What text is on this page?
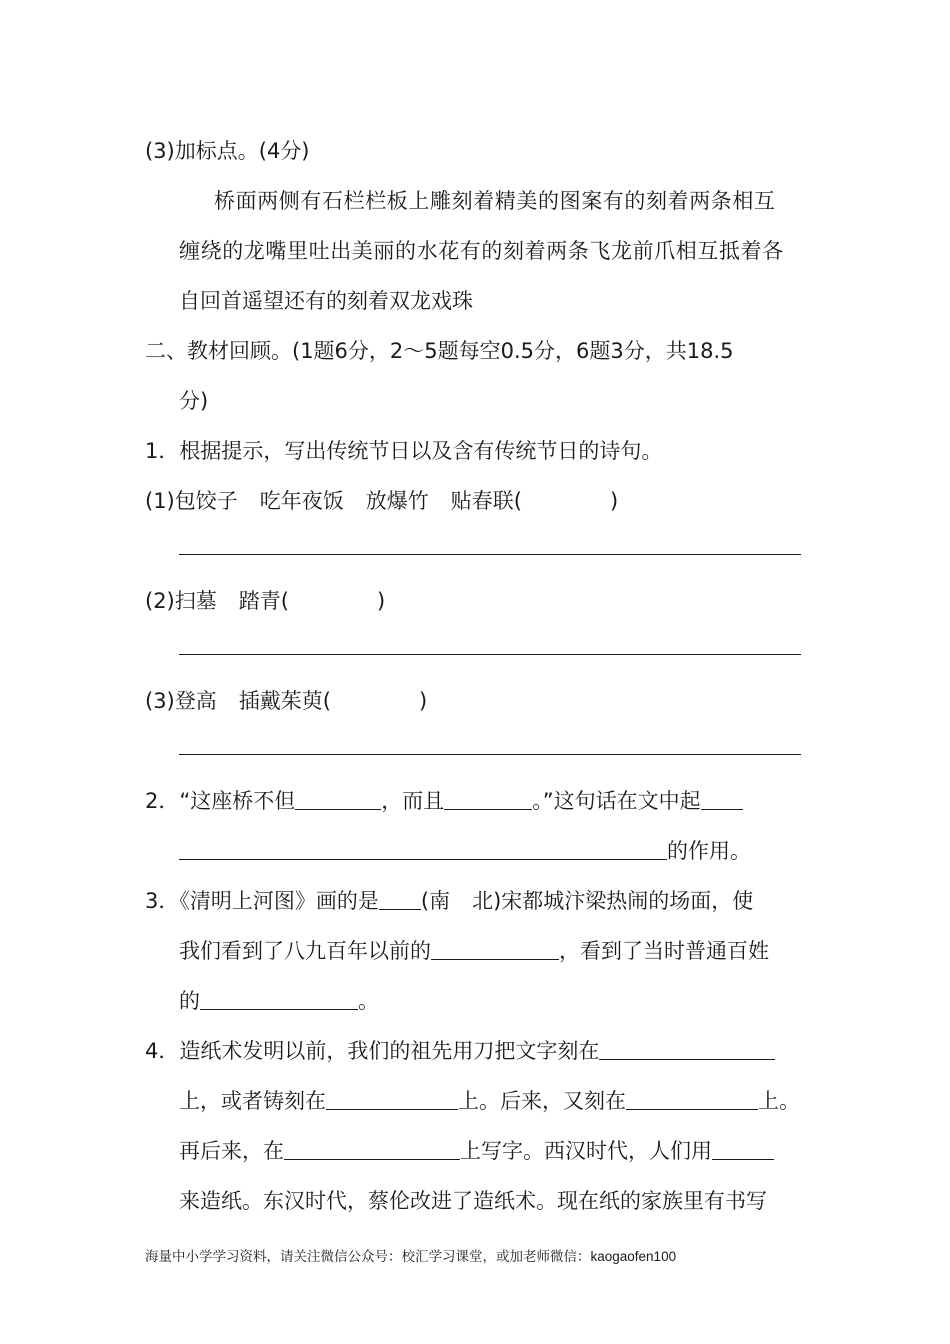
(3)加标点。(4分)
桥面两侧有石栏栏板上雕刻着精美的图案有的刻着两条相互
缠绕的龙嘴里吐出美丽的水花有的刻着两条飞龙前爪相互抵着各
自回首遥望还有的刻着双龙戏珠
二、教材回顾。(1题6分，2～5题每空0.5分，6题3分，共18.5
分)
1．根据提示，写出传统节日以及含有传统节日的诗句。
(1)包饺子 吃年夜饭 放爆竹 贴春联(	)
(2)扫墓 踏青(	)
(3)登高 插戴茱萸(	)
2．“这座桥不但	，而且	。”这句话在文中起
的作用。
3．《清明上河图》画的是 (南 北)宋都城汴梁热闹的场面，使
我们看到了八九百年以前的	，看到了当时普通百姓
的	。
4．造纸术发明以前，我们的祖先用刀把文字刻在
上，或者铸刻在	上。后来，又刻在	上。
再后来，在	上写字。西汉时代，人们用
来造纸。东汉时代，蔡伦改进了造纸术。现在纸的家族里有书写
海量中小学学习资料，请关注微信公众号：校汇学习课堂，或加老师微信：kaogaofen100
